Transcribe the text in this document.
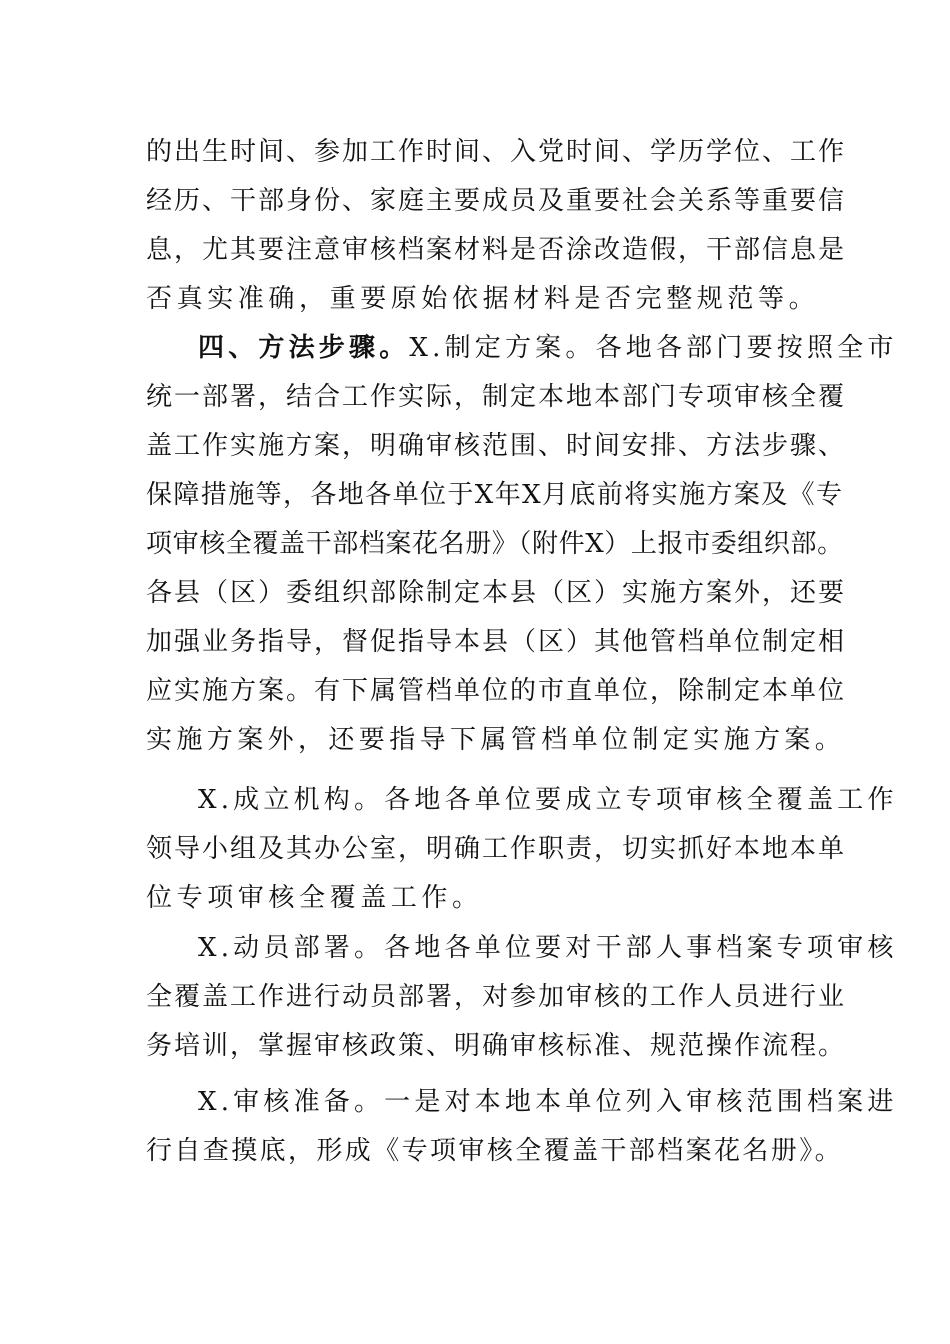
的出生时间、参加工作时间、入党时间、学历学位、工作
经历、干部身份、家庭主要成员及重要社会关系等重要信
息，尤其要注意审核档案材料是否涂改造假，干部信息是
否真实准确，重要原始依据材料是否完整规范等。
四、方法步骤。X.制定方案。各地各部门要按照全市
统一部署，结合工作实际，制定本地本部门专项审核全覆
盖工作实施方案，明确审核范围、时间安排、方法步骤、
保障措施等，各地各单位于X年X月底前将实施方案及《专
项审核全覆盖干部档案花名册》（附件X）上报市委组织部。
各县（区）委组织部除制定本县（区）实施方案外，还要
加强业务指导，督促指导本县（区）其他管档单位制定相
应实施方案。有下属管档单位的市直单位，除制定本单位
实施方案外，还要指导下属管档单位制定实施方案。
X.成立机构。各地各单位要成立专项审核全覆盖工作
领导小组及其办公室，明确工作职责，切实抓好本地本单
位专项审核全覆盖工作。
X.动员部署。各地各单位要对干部人事档案专项审核
全覆盖工作进行动员部署，对参加审核的工作人员进行业
务培训，掌握审核政策、明确审核标准、规范操作流程。
X.审核准备。一是对本地本单位列入审核范围档案进
行自查摸底，形成《专项审核全覆盖干部档案花名册》。
